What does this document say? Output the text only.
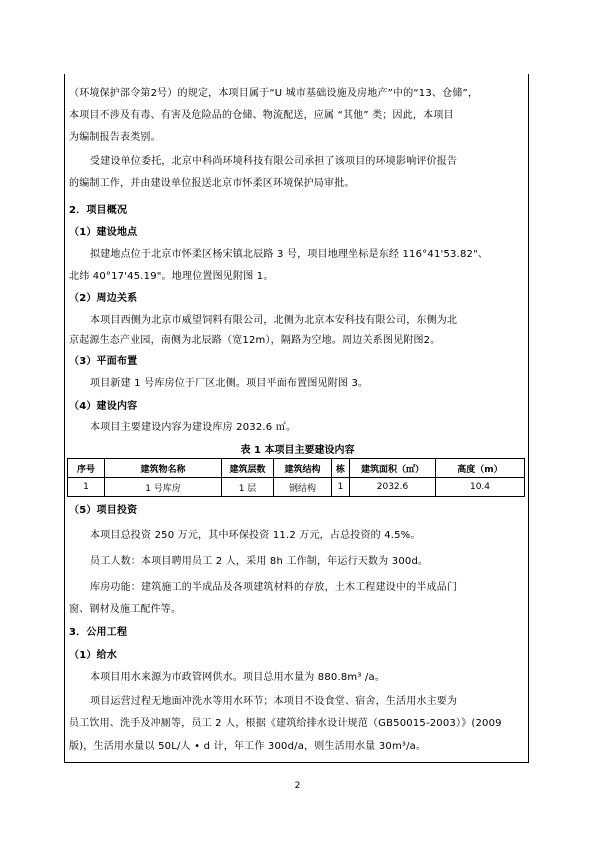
（环境保护部令第2号）的规定，本项目属于“U 城市基础设施及房地产”中的“13、仓储”，
本项目不涉及有毒、有害及危险品的仓储、物流配送，应属 “其他” 类；因此，本项目
为编制报告表类别。
受建设单位委托，北京中科尚环境科技有限公司承担了该项目的环境影响评价报告
的编制工作，并由建设单位报送北京市怀柔区环境保护局审批。
2．项目概况
（1）建设地点
拟建地点位于北京市怀柔区杨宋镇北辰路 3 号，项目地理坐标是东经 116°41'53.82"、
北纬 40°17'45.19"。地理位置图见附图 1。
（2）周边关系
本项目西侧为北京市威望饲料有限公司，北侧为北京本安科技有限公司，东侧为北
京起源生态产业园，南侧为北辰路（宽12m），隔路为空地。周边关系图见附图2。
（3）平面布置
项目新建 1 号库房位于厂区北侧。项目平面布置图见附图 3。
（4）建设内容
本项目主要建设内容为建设库房 2032.6 ㎡。
表 1 本项目主要建设内容
序号	建筑物名称	建筑层数	建筑结构	栋	建筑面积（㎡）	高度（m）
1	1 号库房	1 层	钢结构	1	2032.6	10.4
（5）项目投资
本项目总投资 250 万元，其中环保投资 11.2 万元，占总投资的 4.5%。
员工人数：本项目聘用员工 2 人，采用 8h 工作制，年运行天数为 300d。
库房功能：建筑施工的半成品及各项建筑材料的存放，土木工程建设中的半成品门
窗、钢材及施工配件等。
3．公用工程
（1）给水
本项目用水来源为市政管网供水。项目总用水量为 880.8m³ /a。
项目运营过程无地面冲洗水等用水环节；本项目不设食堂、宿舍，生活用水主要为
员工饮用、洗手及冲厕等，员工 2 人，根据《建筑给排水设计规范（GB50015-2003）》(2009
版)，生活用水量以 50L/人 • d 计，年工作 300d/a，则生活用水量 30m³/a。
2
